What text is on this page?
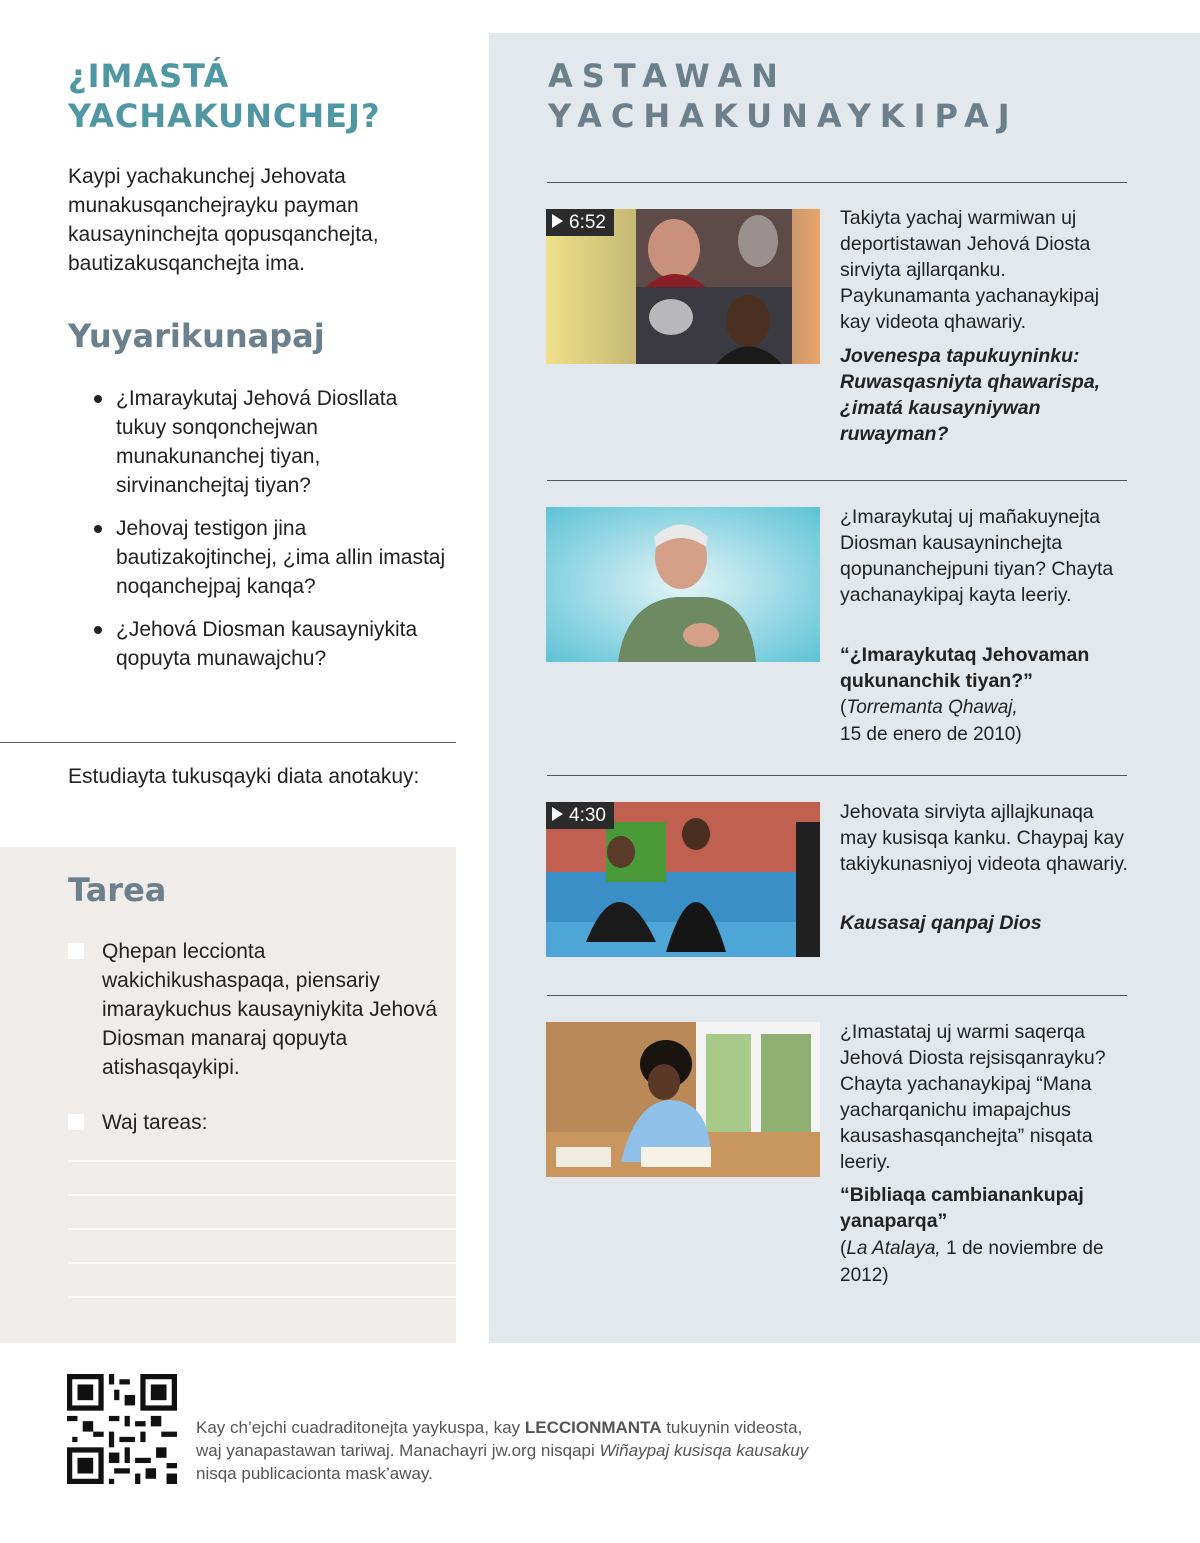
¿IMASTÁ YACHAKUNCHEJ?
Kaypi yachakunchej Jehovata munakusqanchejrayku payman kausayninchejta qopusqanchejta, bautizakusqanchejta ima.
Yuyarikunapaj
¿Imaraykutaj Jehová Diosllata tukuy sonqonchejwan munakunanchej tiyan, sirvinanchejtaj tiyan?
Jehovaj testigon jina bautizakojtinchej, ¿ima allin imastaj noqanchejpaj kanqa?
¿Jehová Diosman kausayniykita qopuyta munawajchu?
Estudiayta tukusqayki diata anotakuy:
Tarea
Qhepan leccionta wakichikushaspaqa, piensariy imaraykuchus kausayniykita Jehová Diosman manaraj qopuyta atishasqaykipi.
Waj tareas:
ASTAWAN YACHAKUNAYKIPAJ
6:52	Takiyta yachaj warmiwan uj deportistawan Jehová Diosta sirviyta ajllarqanku. Paykunamanta yachanaykipaj kay videota qhawariy.
Jovenespa tapukuyninku: Ruwasqasniyta qhawarispa, ¿imatá kausayniywan ruwayman?
¿Imaraykutaj uj mañakuynejta Diosman kausayninchejta qopunanchejpuni tiyan? Chayta yachanaykipaj kayta leeriy.
“¿Imaraykutaq Jehovaman qukunanchik tiyan?”
(Torremanta Qhawaj,
15 de enero de 2010)
4:30	Jehovata sirviyta ajllajkunaqa may kusisqa kanku. Chaypaj kay takiykunasniyoj videota qhawariy.
Kausasaj qanpaj Dios
¿Imastataj uj warmi saqerqa Jehová Diosta rejsisqanrayku? Chayta yachanaykipaj “Mana yacharqanichu imapajchus kausashasqanchejta” nisqata leeriy.
“Bibliaqa cambianankupaj yanaparqa”
(La Atalaya, 1 de noviembre de 2012)
Kay ch’ejchi cuadraditonejta yaykuspa, kay LECCIONMANTA tukuynin videosta, waj yanapastawan tariwaj. Manachayri jw.org nisqapi Wiñaypaj kusisqa kausakuy nisqa publicacionta mask’away.
